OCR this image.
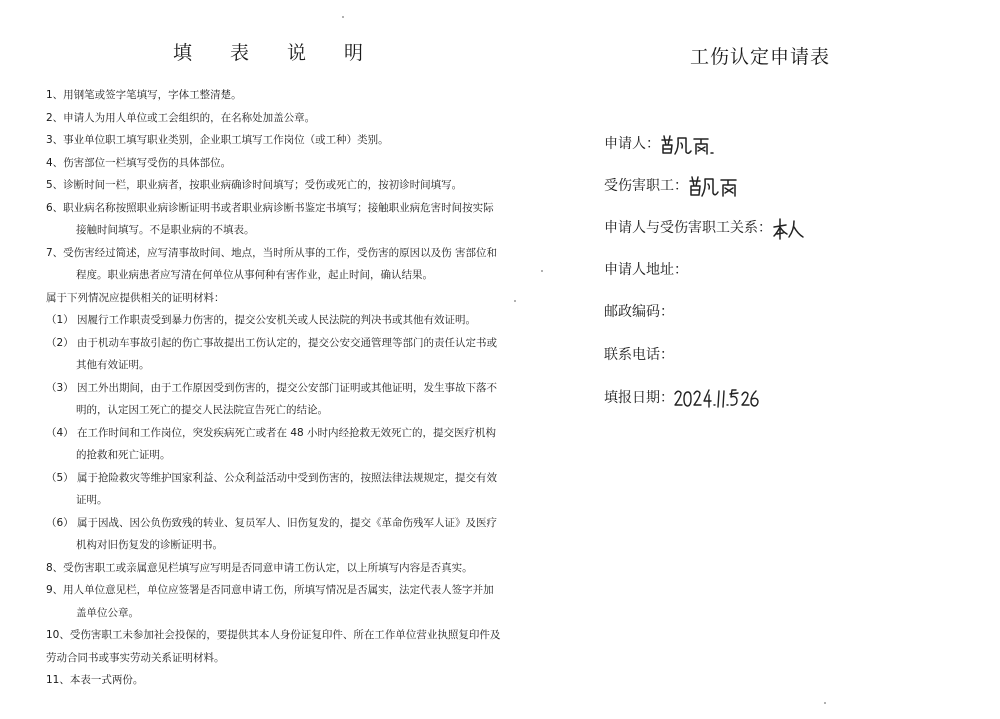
填 表 说 明

1、用钢笔或签字笔填写，字体工整清楚。

2、申请人为用人单位或工会组织的，在名称处加盖公章。

3、事业单位职工填写职业类别，企业职工填写工作岗位（或工种）类别。

4、伤害部位一栏填写受伤的具体部位。

5、诊断时间一栏，职业病者，按职业病确诊时间填写；受伤或死亡的，按初诊时间填写。

6、职业病名称按照职业病诊断证明书或者职业病诊断书鉴定书填写；接触职业病危害时间按实际

接触时间填写。不是职业病的不填表。

7、受伤害经过简述，应写清事故时间、地点，当时所从事的工作，受伤害的原因以及伤 害部位和

程度。职业病患者应写清在何单位从事何种有害作业，起止时间，确认结果。

属于下列情况应提供相关的证明材料：

（1） 因履行工作职责受到暴力伤害的，提交公安机关或人民法院的判决书或其他有效证明。

（2） 由于机动车事故引起的伤亡事故提出工伤认定的，提交公安交通管理等部门的责任认定书或

其他有效证明。

（3） 因工外出期间，由于工作原因受到伤害的，提交公安部门证明或其他证明，发生事故下落不

明的，认定因工死亡的提交人民法院宣告死亡的结论。

（4） 在工作时间和工作岗位，突发疾病死亡或者在 48 小时内经抢救无效死亡的，提交医疗机构

的抢救和死亡证明。

（5） 属于抢险救灾等维护国家利益、公众利益活动中受到伤害的，按照法律法规规定，提交有效

证明。

（6） 属于因战、因公负伤致残的转业、复员军人、旧伤复发的，提交《革命伤残军人证》及医疗

机构对旧伤复发的诊断证明书。

8、受伤害职工或亲属意见栏填写应写明是否同意申请工伤认定，以上所填写内容是否真实。

9、用人单位意见栏，单位应签署是否同意申请工伤，所填写情况是否属实，法定代表人签字并加

盖单位公章。

10、受伤害职工未参加社会投保的，要提供其本人身份证复印件、所在工作单位营业执照复印件及

劳动合同书或事实劳动关系证明材料。

11、本表一式两份。

工伤认定申请表
申请人：
受伤害职工：
申请人与受伤害职工关系：
申请人地址：
邮政编码：
联系电话：
填报日期：
